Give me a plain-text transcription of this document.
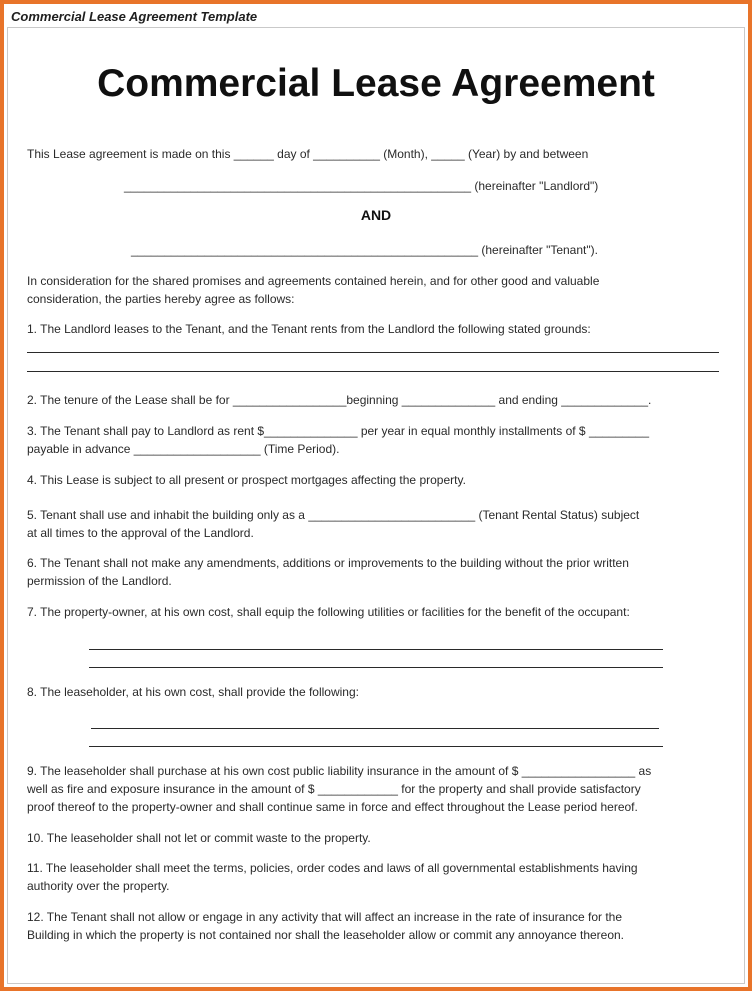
Commercial Lease Agreement Template
Commercial Lease Agreement
This Lease agreement is made on this ______ day of __________ (Month), _____ (Year) by and between
____________________________________________________ (hereinafter "Landlord")
AND
____________________________________________________ (hereinafter "Tenant").
In consideration for the shared promises and agreements contained herein, and for other good and valuable
consideration, the parties hereby agree as follows:
1. The Landlord leases to the Tenant, and the Tenant rents from the Landlord the following stated grounds:
2. The tenure of the Lease shall be for _________________beginning ______________ and ending _____________.
3. The Tenant shall pay to Landlord as rent $______________ per year in equal monthly installments of $ _________
payable in advance ___________________ (Time Period).
4. This Lease is subject to all present or prospect mortgages affecting the property.
5. Tenant shall use and inhabit the building only as a _________________________ (Tenant Rental Status) subject
at all times to the approval of the Landlord.
6. The Tenant shall not make any amendments, additions or improvements to the building without the prior written
permission of the Landlord.
7. The property-owner, at his own cost, shall equip the following utilities or facilities for the benefit of the occupant:
8. The leaseholder, at his own cost, shall provide the following:
9. The leaseholder shall purchase at his own cost public liability insurance in the amount of $ _________________ as
well as fire and exposure insurance in the amount of $ ____________ for the property and shall provide satisfactory
proof thereof to the property-owner and shall continue same in force and effect throughout the Lease period hereof.
10. The leaseholder shall not let or commit waste to the property.
11. The leaseholder shall meet the terms, policies, order codes and laws of all governmental establishments having
authority over the property.
12. The Tenant shall not allow or engage in any activity that will affect an increase in the rate of insurance for the
Building in which the property is not contained nor shall the leaseholder allow or commit any annoyance thereon.
